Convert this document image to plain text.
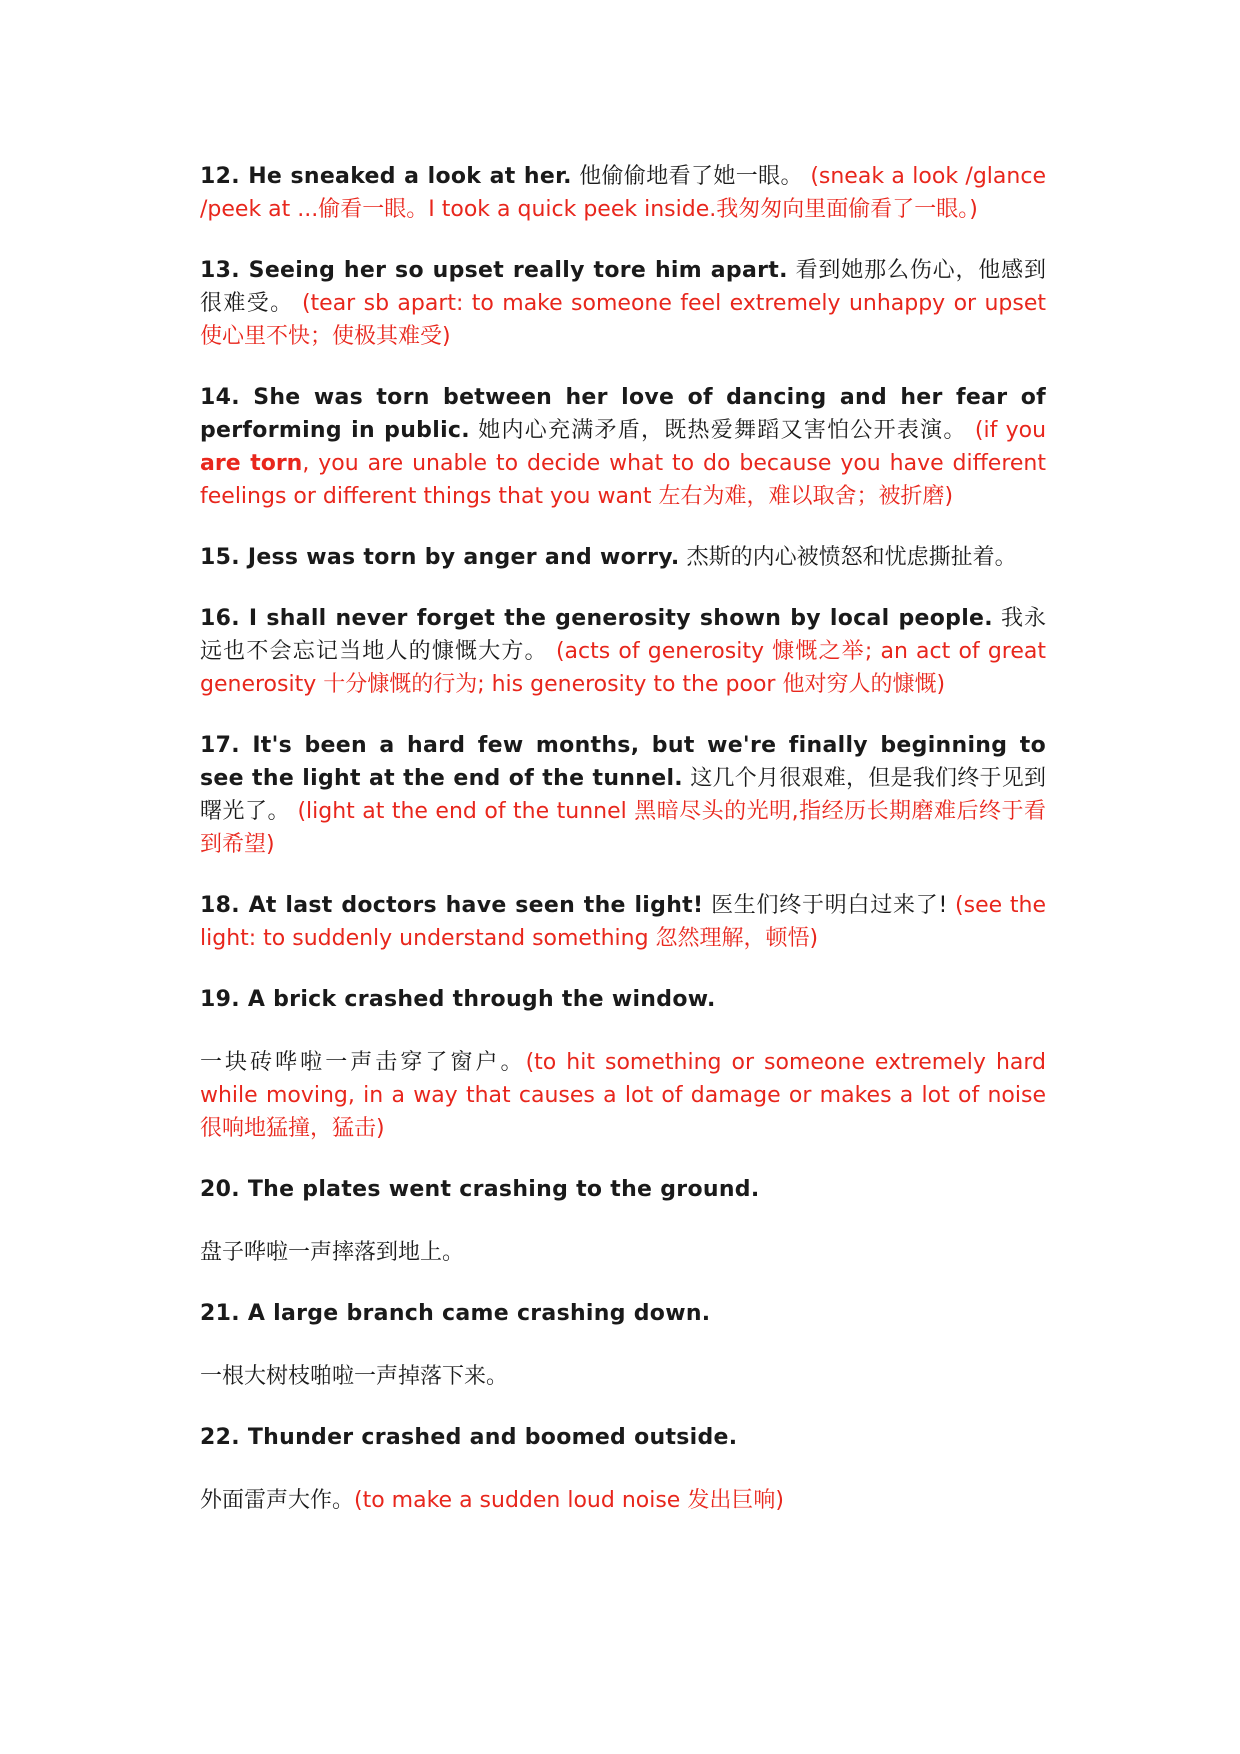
12. He sneaked a look at her. 他偷偷地看了她一眼。 (sneak a look /glance /peek at ...偷看一眼。I took a quick peek inside.我匆匆向里面偷看了一眼。)

13. Seeing her so upset really tore him apart. 看到她那么伤心，他感到很难受。 (tear sb apart: to make someone feel extremely unhappy or upset 使心里不快；使极其难受)

14. She was torn between her love of dancing and her fear of performing in public. 她内心充满矛盾，既热爱舞蹈又害怕公开表演。 (if you are torn, you are unable to decide what to do because you have different feelings or different things that you want 左右为难，难以取舍；被折磨)

15. Jess was torn by anger and worry. 杰斯的内心被愤怒和忧虑撕扯着。

16. I shall never forget the generosity shown by local people. 我永远也不会忘记当地人的慷慨大方。 (acts of generosity 慷慨之举; an act of great generosity 十分慷慨的行为; his generosity to the poor 他对穷人的慷慨)

17. It's been a hard few months, but we're finally beginning to see the light at the end of the tunnel. 这几个月很艰难，但是我们终于见到曙光了。 (light at the end of the tunnel 黑暗尽头的光明,指经历长期磨难后终于看到希望)

18. At last doctors have seen the light! 医生们终于明白过来了! (see the light: to suddenly understand something 忽然理解，顿悟)

19. A brick crashed through the window.
一块砖哗啦一声击穿了窗户。(to hit something or someone extremely hard while moving, in a way that causes a lot of damage or makes a lot of noise 很响地猛撞，猛击)
20. The plates went crashing to the ground.
盘子哗啦一声摔落到地上。
21. A large branch came crashing down.
一根大树枝啪啦一声掉落下来。
22. Thunder crashed and boomed outside.
外面雷声大作。(to make a sudden loud noise 发出巨响)
